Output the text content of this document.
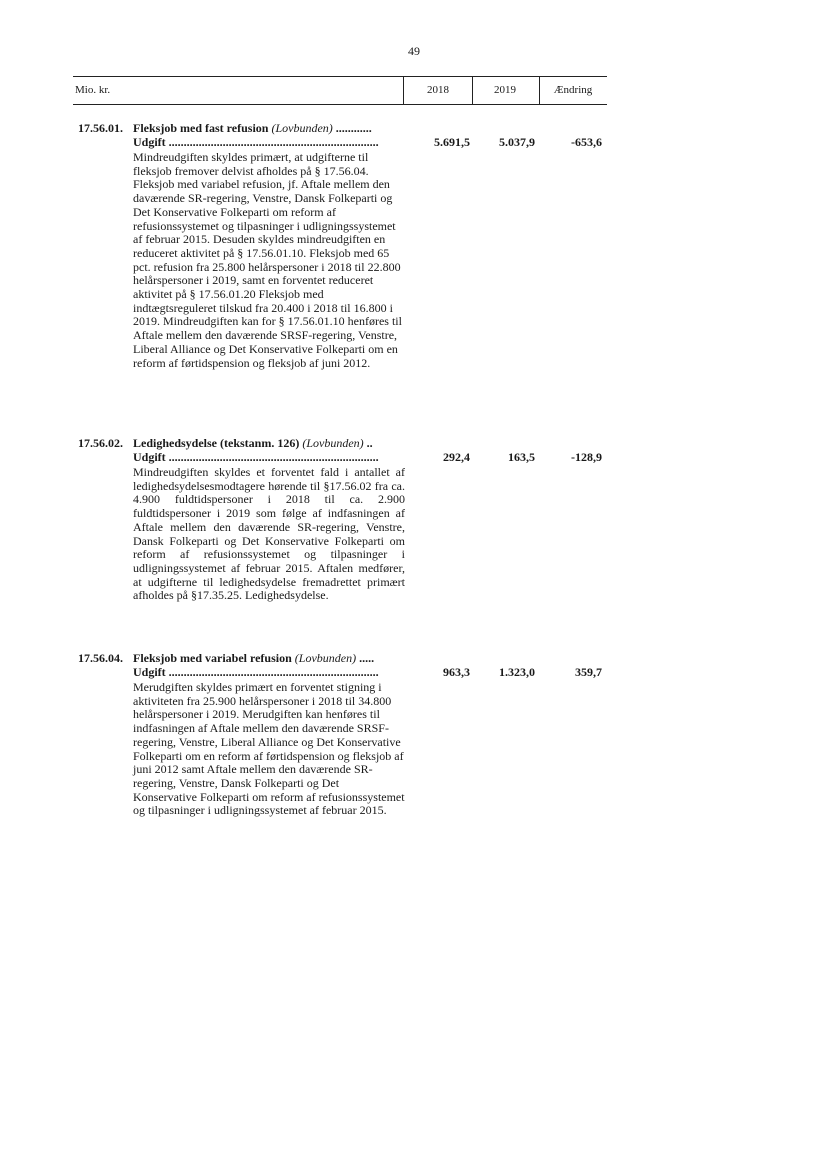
49
Mio. kr.	2018	2019	Ændring
17.56.01. Fleksjob med fast refusion (Lovbunden) ............
Udgift ......................................................................	5.691,5	5.037,9	-653,6
Mindreudgiften skyldes primært, at udgifterne til fleksjob fremover delvist afholdes på § 17.56.04. Fleksjob med variabel refusion, jf. Aftale mellem den daværende SR-regering, Venstre, Dansk Folkeparti og Det Konservative Folkeparti om reform af refusionssystemet og tilpasninger i udligningssystemet af februar 2015. Desuden skyldes mindreudgiften en reduceret aktivitet på § 17.56.01.10. Fleksjob med 65 pct. refusion fra 25.800 helårspersoner i 2018 til 22.800 helårspersoner i 2019, samt en forventet reduceret aktivitet på § 17.56.01.20 Fleksjob med indtægtsreguleret tilskud fra 20.400 i 2018 til 16.800 i 2019. Mindreudgiften kan for § 17.56.01.10 henføres til Aftale mellem den daværende SRSF-regering, Venstre, Liberal Alliance og Det Konservative Folkeparti om en reform af førtidspension og fleksjob af juni 2012.
17.56.02. Ledighedsydelse (tekstanm. 126) (Lovbunden) ..
Udgift ......................................................................	292,4	163,5	-128,9
Mindreudgiften skyldes et forventet fald i antallet af ledighedsydelsesmodtagere hørende til §17.56.02 fra ca. 4.900 fuldtidspersoner i 2018 til ca. 2.900 fuldtidspersoner i 2019 som følge af indfasningen af Aftale mellem den daværende SR-regering, Venstre, Dansk Folkeparti og Det Konservative Folkeparti om reform af refusionssystemet og tilpasninger i udligningssystemet af februar 2015. Aftalen medfører, at udgifterne til ledighedsydelse fremadrettet primært afholdes på §17.35.25. Ledighedsydelse.
17.56.04. Fleksjob med variabel refusion (Lovbunden) .....
Udgift ......................................................................	963,3	1.323,0	359,7
Merudgiften skyldes primært en forventet stigning i aktiviteten fra 25.900 helårspersoner i 2018 til 34.800 helårspersoner i 2019. Merudgiften kan henføres til indfasningen af Aftale mellem den daværende SRSF-regering, Venstre, Liberal Alliance og Det Konservative Folkeparti om en reform af førtidspension og fleksjob af juni 2012 samt Aftale mellem den daværende SR-regering, Venstre, Dansk Folkeparti og Det Konservative Folkeparti om reform af refusionssystemet og tilpasninger i udligningssystemet af februar 2015.
